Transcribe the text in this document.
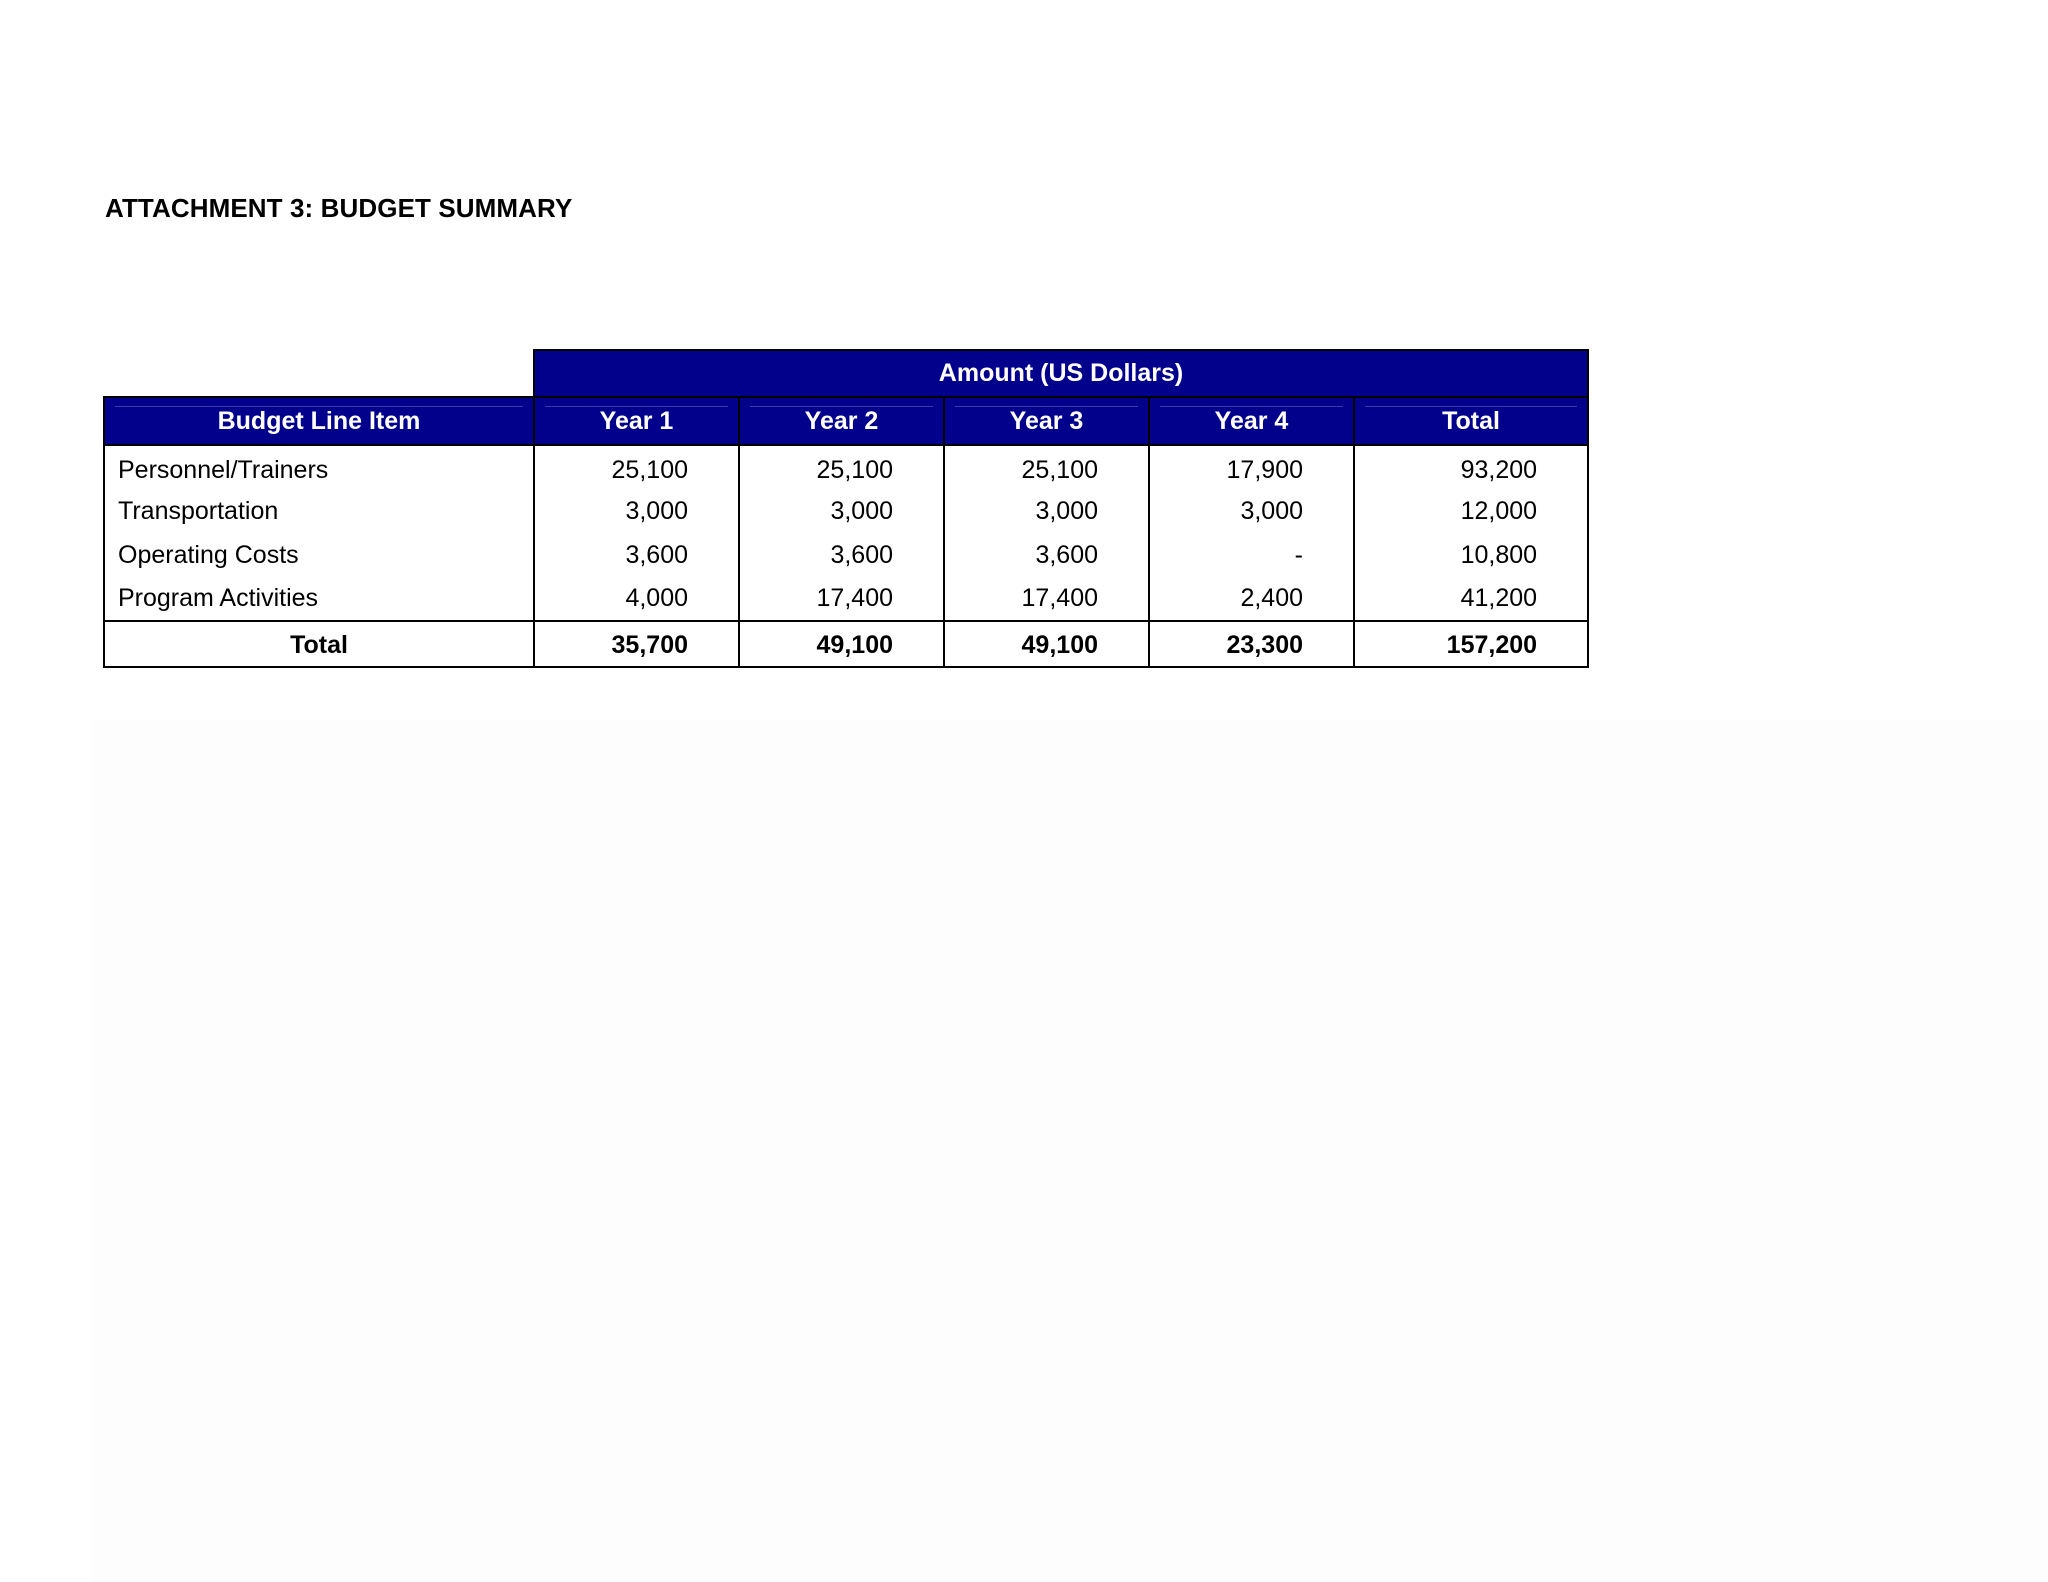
ATTACHMENT 3: BUDGET SUMMARY
	Amount (US Dollars)				
Budget Line Item	Year 1	Year 2	Year 3	Year 4	Total
Personnel/Trainers	25,100	25,100	25,100	17,900	93,200
Transportation	3,000	3,000	3,000	3,000	12,000
Operating Costs	3,600	3,600	3,600	-	10,800
Program Activities	4,000	17,400	17,400	2,400	41,200
Total	35,700	49,100	49,100	23,300	157,200
